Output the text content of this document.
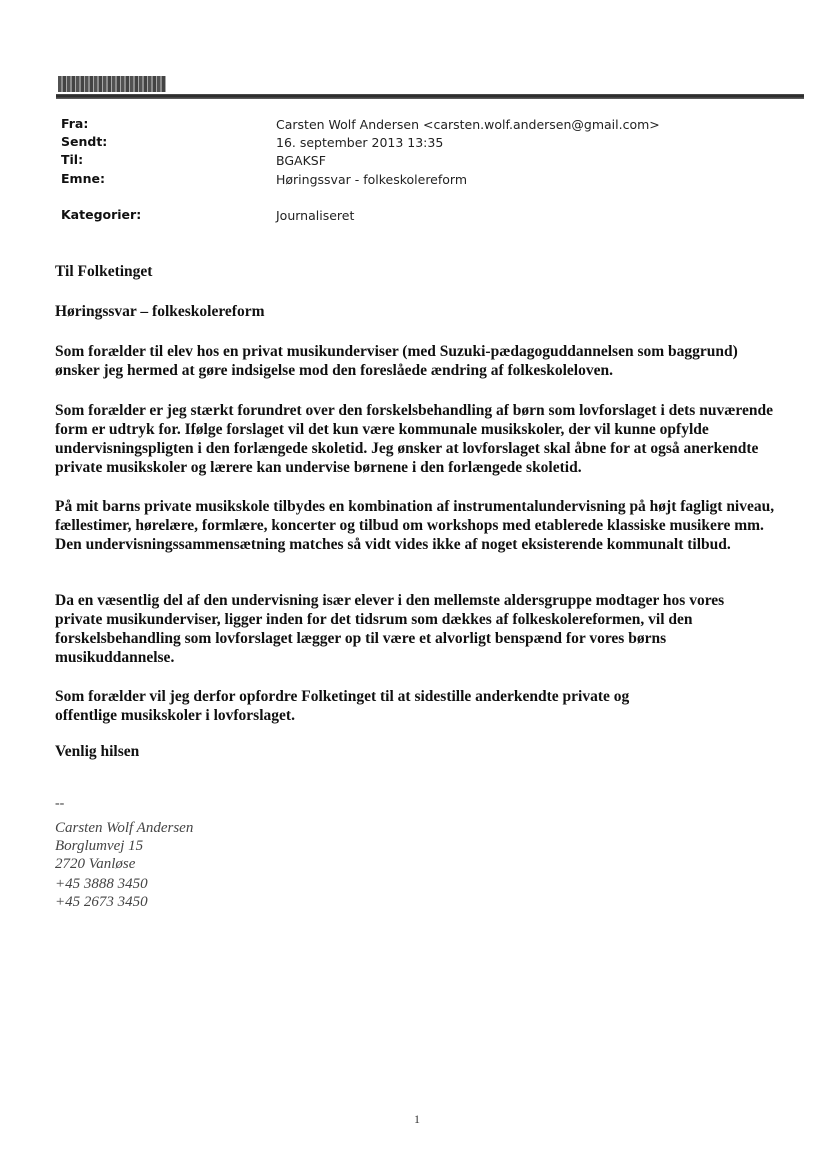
Fra:	Carsten Wolf Andersen <carsten.wolf.andersen@gmail.com>
Sendt:	16. september 2013 13:35
Til:	BGAKSF
Emne:	Høringssvar - folkeskolereform
Kategorier:	Journaliseret
Til Folketinget
Høringssvar – folkeskolereform
Som forælder til elev hos en privat musikunderviser (med Suzuki-pædagoguddannelsen som baggrund) ønsker jeg hermed at gøre indsigelse mod den foreslåede ændring af folkeskoleloven.
Som forælder er jeg stærkt forundret over den forskelsbehandling af børn som lovforslaget i dets nuværende form er udtryk for. Ifølge forslaget vil det kun være kommunale musikskoler, der vil kunne opfylde undervisningspligten i den forlængede skoletid. Jeg ønsker at lovforslaget skal åbne for at også anerkendte private musikskoler og lærere kan undervise børnene i den forlængede skoletid.
På mit barns private musikskole tilbydes en kombination af instrumentalundervisning på højt fagligt niveau, fællestimer, hørelære, formlære, koncerter og tilbud om workshops med etablerede klassiske musikere mm. Den undervisningssammensætning matches så vidt vides ikke af noget eksisterende kommunalt tilbud.
Da en væsentlig del af den undervisning især elever i den mellemste aldersgruppe modtager hos vores private musikunderviser, ligger inden for det tidsrum som dækkes af folkeskolereformen, vil den forskelsbehandling som lovforslaget lægger op til være et alvorligt benspænd for vores børns musikuddannelse.
Som forælder vil jeg derfor opfordre Folketinget til at sidestille anderkendte private og offentlige musikskoler i lovforslaget.
Venlig hilsen
--
Carsten Wolf Andersen
Borglumvej 15
2720 Vanløse
+45 3888 3450
+45 2673 3450
1
